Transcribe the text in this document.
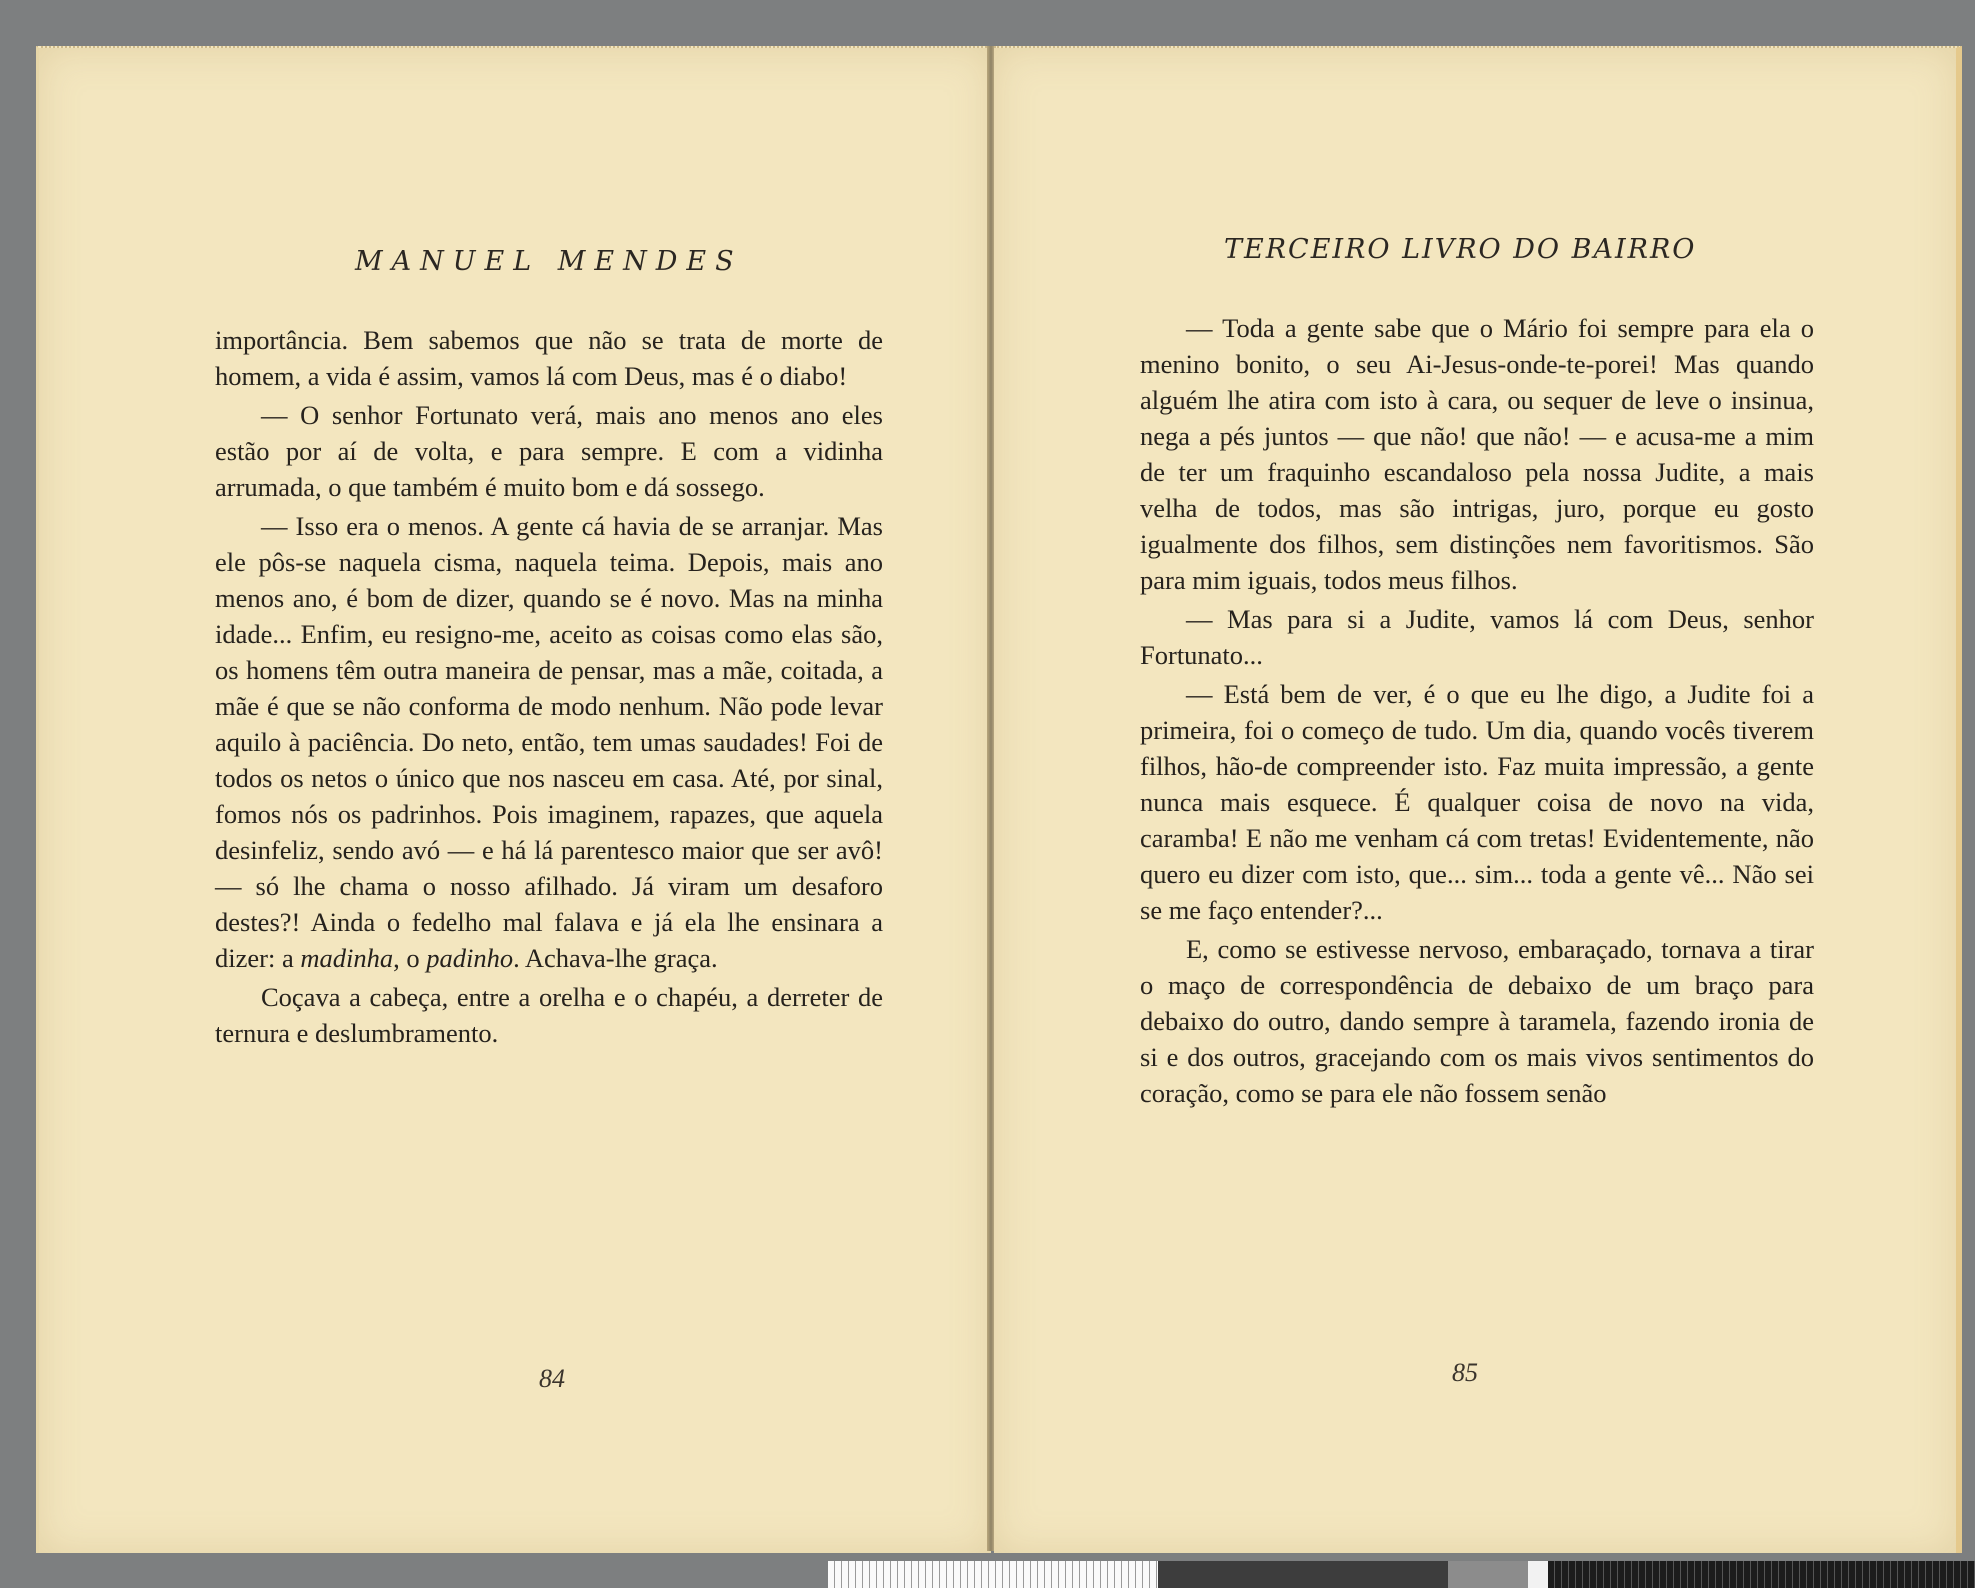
MANUEL MENDES

importância. Bem sabemos que não se trata de morte de homem, a vida é assim, vamos lá com Deus, mas é o diabo!

— O senhor Fortunato verá, mais ano menos ano eles estão por aí de volta, e para sempre. E com a vidinha arrumada, o que também é muito bom e dá sossego.

— Isso era o menos. A gente cá havia de se arranjar. Mas ele pôs-se naquela cisma, naquela teima. Depois, mais ano menos ano, é bom de dizer, quando se é novo. Mas na minha idade... Enfim, eu resigno-me, aceito as coisas como elas são, os homens têm outra maneira de pensar, mas a mãe, coitada, a mãe é que se não conforma de modo nenhum. Não pode levar aquilo à paciência. Do neto, então, tem umas saudades! Foi de todos os netos o único que nos nasceu em casa. Até, por sinal, fomos nós os padrinhos. Pois imaginem, rapazes, que aquela desinfeliz, sendo avó — e há lá parentesco maior que ser avô! — só lhe chama o nosso afilhado. Já viram um desaforo destes?! Ainda o fedelho mal falava e já ela lhe ensinara a dizer: a madinha, o padinho. Achava-lhe graça.

Coçava a cabeça, entre a orelha e o chapéu, a derreter de ternura e deslumbramento.

84
TERCEIRO LIVRO DO BAIRRO

— Toda a gente sabe que o Mário foi sempre para ela o menino bonito, o seu Ai-Jesus-onde-te-porei! Mas quando alguém lhe atira com isto à cara, ou sequer de leve o insinua, nega a pés juntos — que não! que não! — e acusa-me a mim de ter um fraquinho escandaloso pela nossa Judite, a mais velha de todos, mas são intrigas, juro, porque eu gosto igualmente dos filhos, sem distinções nem favoritismos. São para mim iguais, todos meus filhos.

— Mas para si a Judite, vamos lá com Deus, senhor Fortunato...

— Está bem de ver, é o que eu lhe digo, a Judite foi a primeira, foi o começo de tudo. Um dia, quando vocês tiverem filhos, hão-de compreender isto. Faz muita impressão, a gente nunca mais esquece. É qualquer coisa de novo na vida, caramba! E não me venham cá com tretas! Evidentemente, não quero eu dizer com isto, que... sim... toda a gente vê... Não sei se me faço entender?...

E, como se estivesse nervoso, embaraçado, tornava a tirar o maço de correspondência de debaixo de um braço para debaixo do outro, dando sempre à taramela, fazendo ironia de si e dos outros, gracejando com os mais vivos sentimentos do coração, como se para ele não fossem senão

85
